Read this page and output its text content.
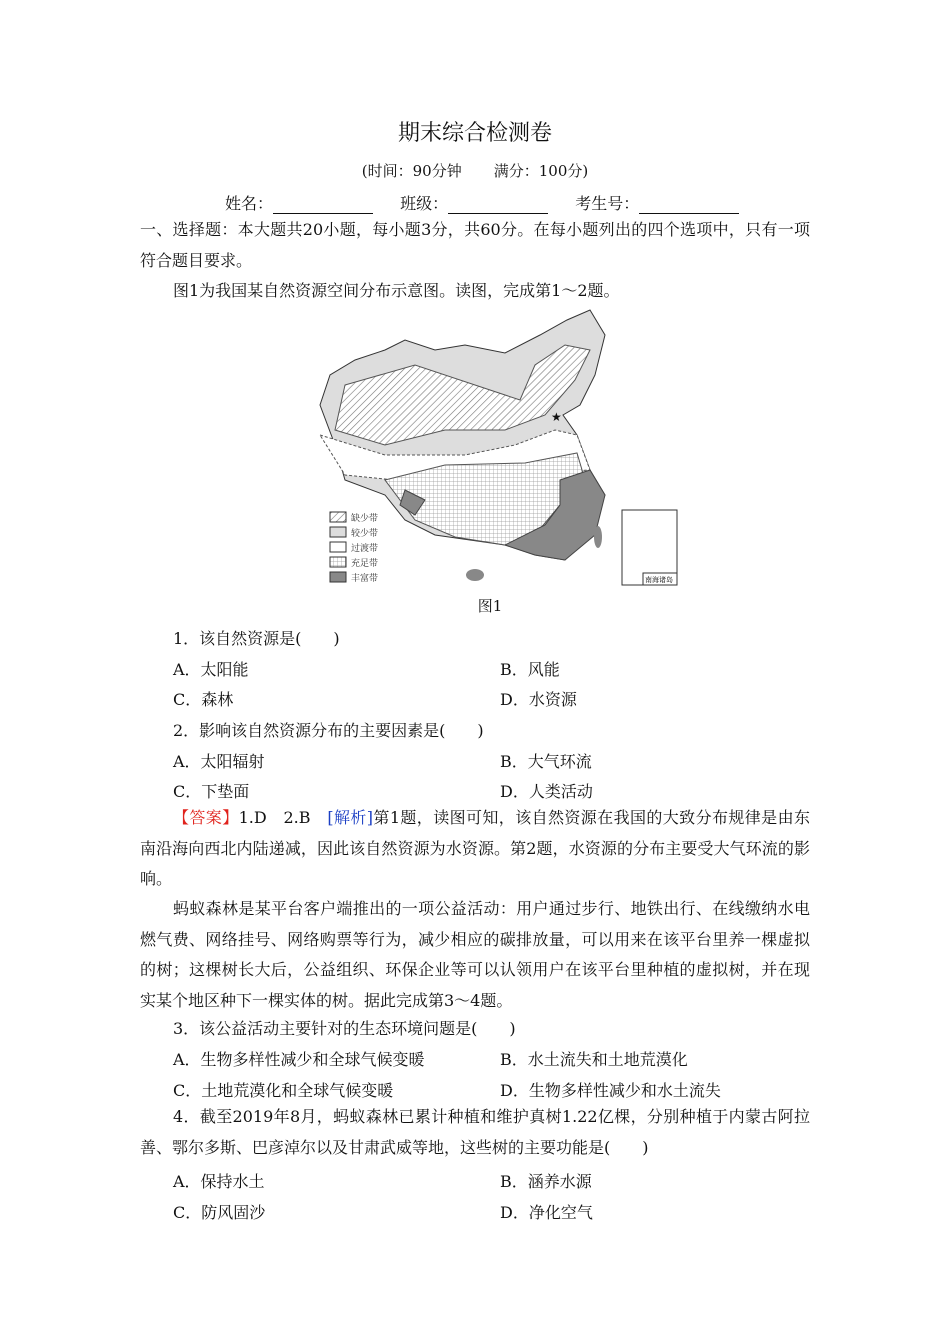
期末综合检测卷
(时间：90分钟 满分：100分)
姓名：	班级：	考生号：
一、选择题：本大题共20小题，每小题3分，共60分。在每小题列出的四个选项中，只有一项符合题目要求。
图1为我国某自然资源空间分布示意图。读图，完成第1～2题。
★
缺少带
较少带
过渡带
充足带
丰富带	南海诸岛
图1
1．该自然资源是(　　)
A．太阳能	B．风能
C．森林	D．水资源
2．影响该自然资源分布的主要因素是(　　)
A．太阳辐射	B．大气环流
C．下垫面	D．人类活动
【答案】1.D　2.B　[解析]第1题，读图可知，该自然资源在我国的大致分布规律是由东南沿海向西北内陆递减，因此该自然资源为水资源。第2题，水资源的分布主要受大气环流的影响。
蚂蚁森林是某平台客户端推出的一项公益活动：用户通过步行、地铁出行、在线缴纳水电燃气费、网络挂号、网络购票等行为，减少相应的碳排放量，可以用来在该平台里养一棵虚拟的树；这棵树长大后，公益组织、环保企业等可以认领用户在该平台里种植的虚拟树，并在现实某个地区种下一棵实体的树。据此完成第3～4题。
3．该公益活动主要针对的生态环境问题是(　　)
A．生物多样性减少和全球气候变暖	B．水土流失和土地荒漠化
C．土地荒漠化和全球气候变暖	D．生物多样性减少和水土流失
4．截至2019年8月，蚂蚁森林已累计种植和维护真树1.22亿棵，分别种植于内蒙古阿拉善、鄂尔多斯、巴彦淖尔以及甘肃武威等地，这些树的主要功能是(　　)
A．保持水土	B．涵养水源
C．防风固沙	D．净化空气
